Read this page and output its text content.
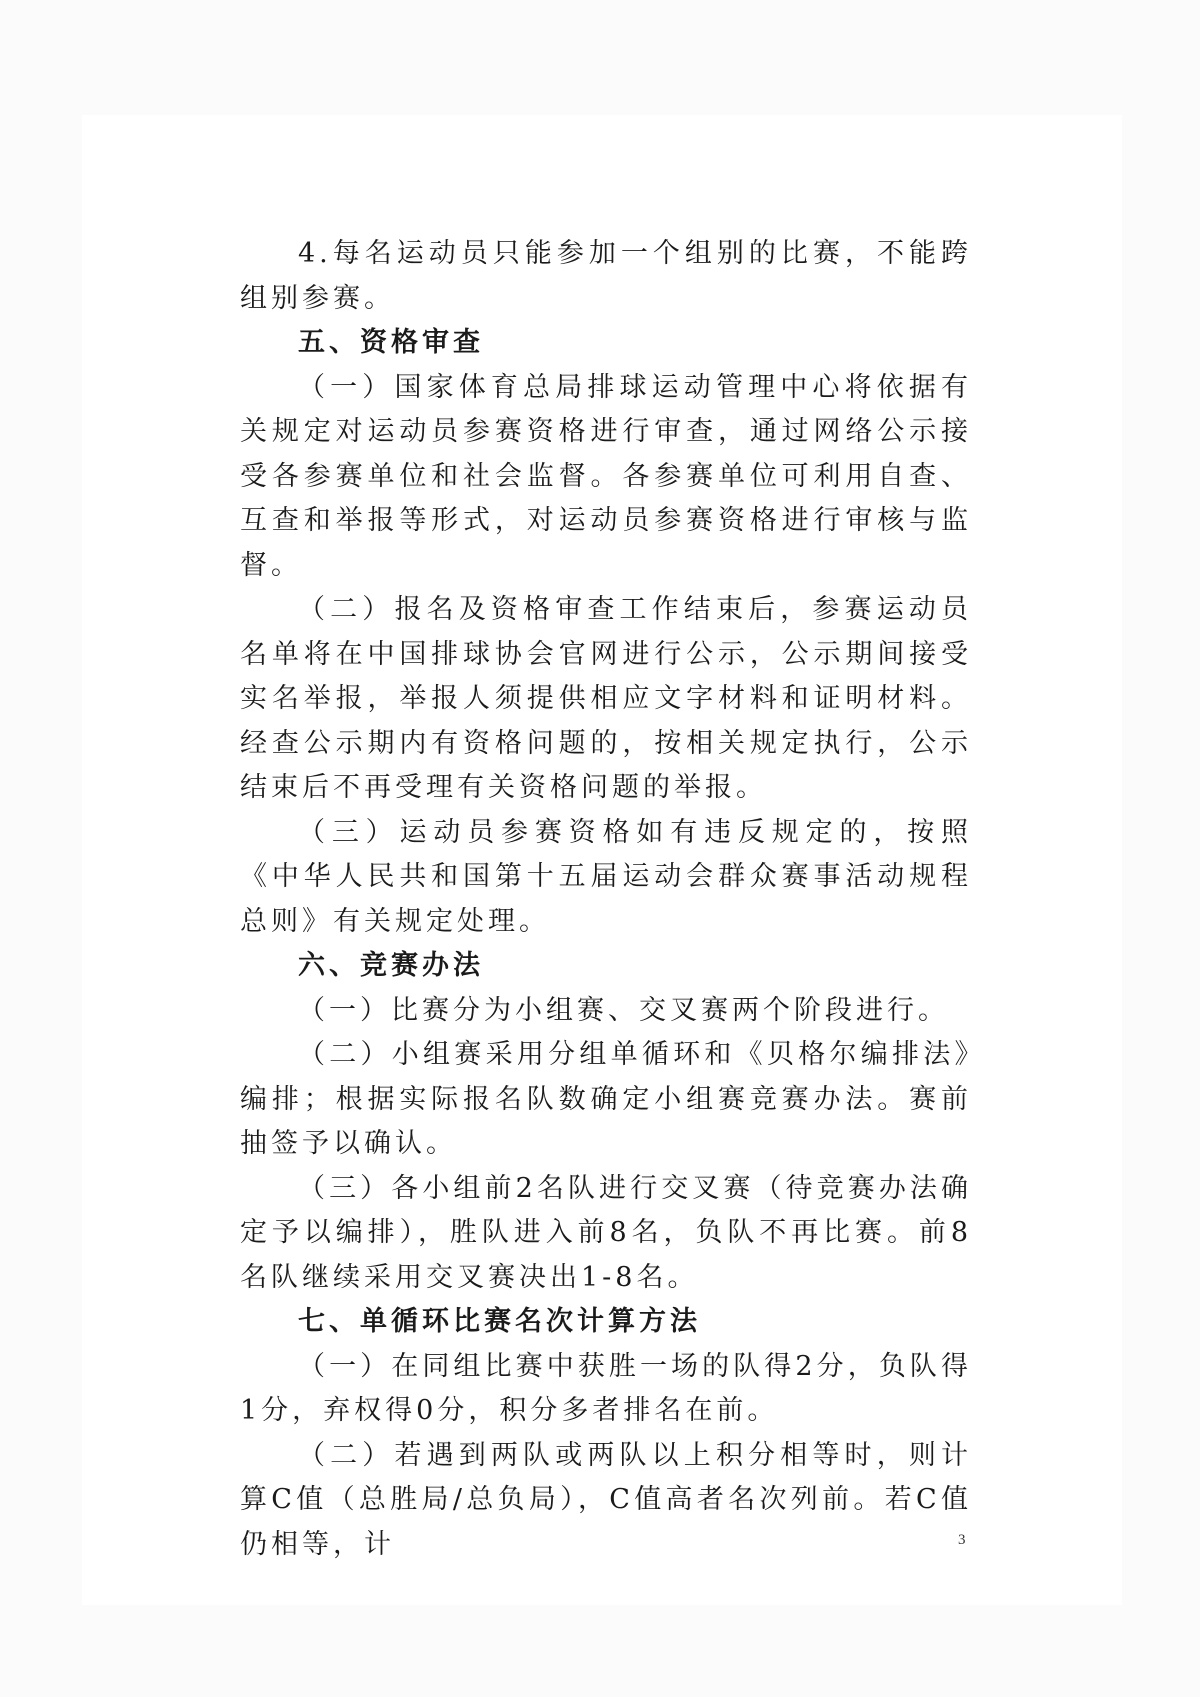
4.每名运动员只能参加一个组别的比赛，不能跨组别参赛。

五、资格审查

（一）国家体育总局排球运动管理中心将依据有关规定对运动员参赛资格进行审查，通过网络公示接受各参赛单位和社会监督。各参赛单位可利用自查、互查和举报等形式，对运动员参赛资格进行审核与监督。

（二）报名及资格审查工作结束后，参赛运动员名单将在中国排球协会官网进行公示，公示期间接受实名举报，举报人须提供相应文字材料和证明材料。经查公示期内有资格问题的，按相关规定执行，公示结束后不再受理有关资格问题的举报。

（三）运动员参赛资格如有违反规定的，按照《中华人民共和国第十五届运动会群众赛事活动规程总则》有关规定处理。

六、竞赛办法

（一）比赛分为小组赛、交叉赛两个阶段进行。

（二）小组赛采用分组单循环和《贝格尔编排法》编排；根据实际报名队数确定小组赛竞赛办法。赛前抽签予以确认。

（三）各小组前2名队进行交叉赛（待竞赛办法确定予以编排），胜队进入前8名，负队不再比赛。前8名队继续采用交叉赛决出1-8名。

七、单循环比赛名次计算方法

（一）在同组比赛中获胜一场的队得2分，负队得1分，弃权得0分，积分多者排名在前。

（二）若遇到两队或两队以上积分相等时，则计算C值（总胜局/总负局），C值高者名次列前。若C值仍相等，计	3
